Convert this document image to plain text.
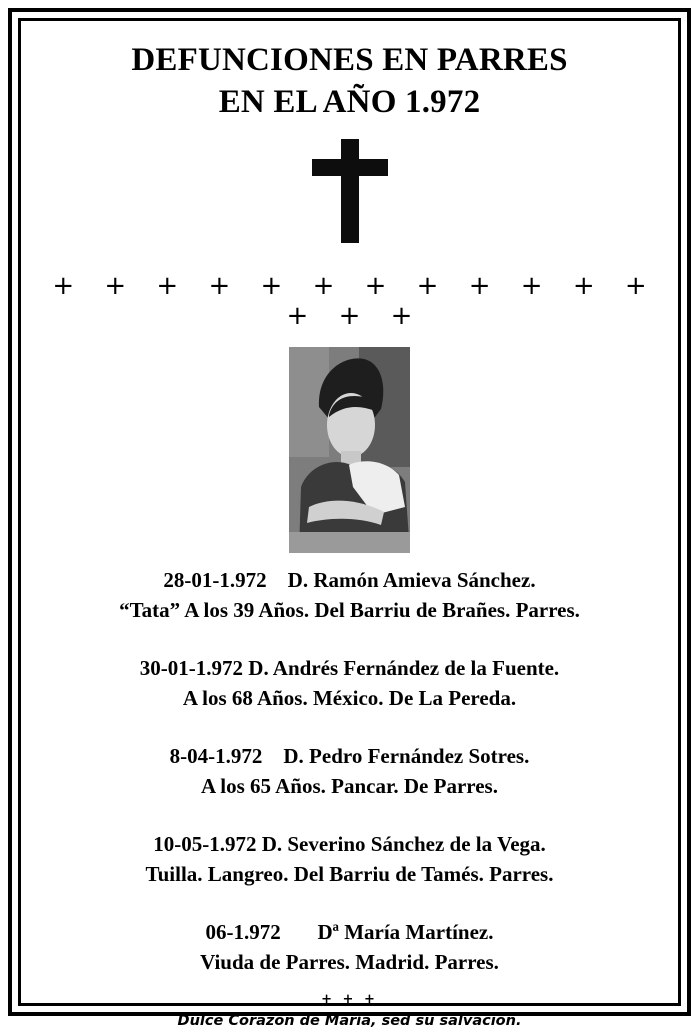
DEFUNCIONES EN PARRES
EN EL AÑO 1.972
+ + + + + + + + + + + + + + +
28-01-1.972    D. Ramón Amieva Sánchez.
“Tata” A los 39 Años. Del Barriu de Brañes. Parres.
30-01-1.972 D. Andrés Fernández de la Fuente.
A los 68 Años. México. De La Pereda.
8-04-1.972    D. Pedro Fernández Sotres.
A los 65 Años. Pancar. De Parres.
10-05-1.972 D. Severino Sánchez de la Vega.
Tuilla. Langreo. Del Barriu de Tamés. Parres.
06-1.972       Dª María Martínez.
Viuda de Parres. Madrid. Parres.
+ + +
Dulce Corazón de María, sed su salvación.
